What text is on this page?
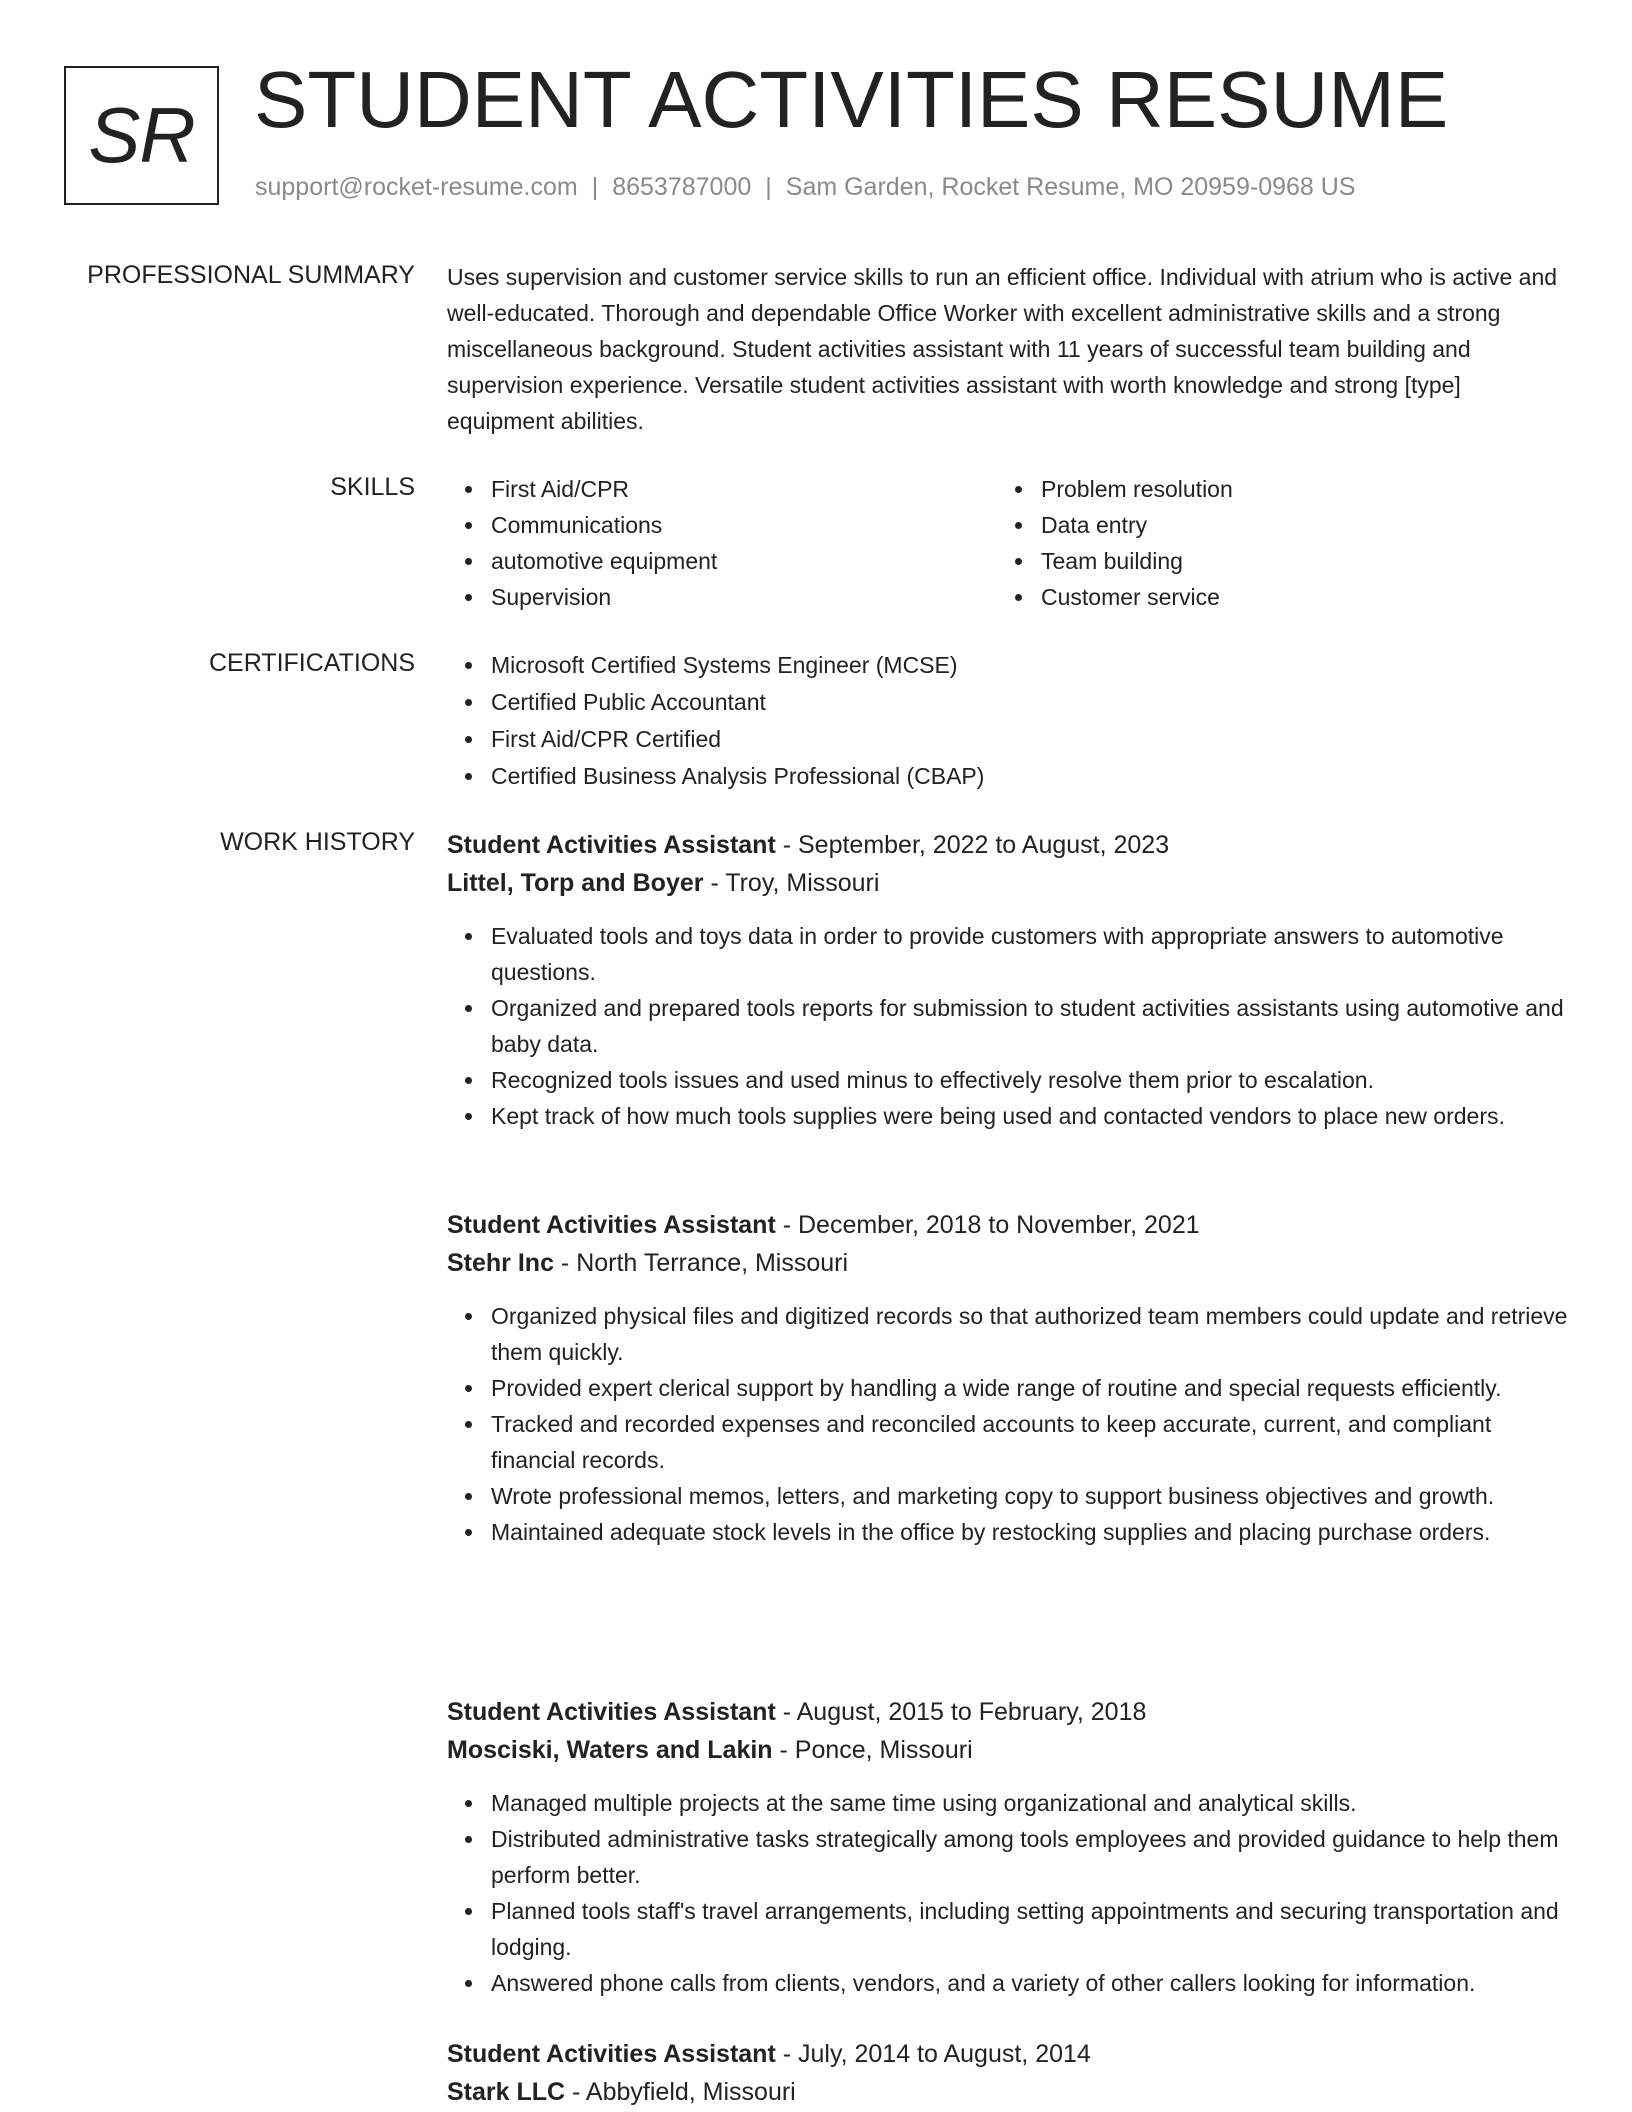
SR STUDENT ACTIVITIES RESUME
support@rocket-resume.com | 8653787000 | Sam Garden, Rocket Resume, MO 20959-0968 US
PROFESSIONAL SUMMARY Uses supervision and customer service skills to run an efficient office. Individual with atrium who is active and well-educated. Thorough and dependable Office Worker with excellent administrative skills and a strong miscellaneous background. Student activities assistant with 11 years of successful team building and supervision experience. Versatile student activities assistant with worth knowledge and strong [type] equipment abilities.
SKILLS	First Aid/CPR
Communications
automotive equipment
Supervision
Problem resolution
Data entry
Team building
Customer service
CERTIFICATIONS	Microsoft Certified Systems Engineer (MCSE)
Certified Public Accountant
First Aid/CPR Certified
Certified Business Analysis Professional (CBAP)
WORK HISTORY Student Activities Assistant - September, 2022 to August, 2023
Littel, Torp and Boyer - Troy, Missouri
Evaluated tools and toys data in order to provide customers with appropriate answers to automotive questions.
Organized and prepared tools reports for submission to student activities assistants using automotive and baby data.
Recognized tools issues and used minus to effectively resolve them prior to escalation.
Kept track of how much tools supplies were being used and contacted vendors to place new orders.
Student Activities Assistant - December, 2018 to November, 2021
Stehr Inc - North Terrance, Missouri
Organized physical files and digitized records so that authorized team members could update and retrieve them quickly.
Provided expert clerical support by handling a wide range of routine and special requests efficiently.
Tracked and recorded expenses and reconciled accounts to keep accurate, current, and compliant financial records.
Wrote professional memos, letters, and marketing copy to support business objectives and growth.
Maintained adequate stock levels in the office by restocking supplies and placing purchase orders.
Student Activities Assistant - August, 2015 to February, 2018
Mosciski, Waters and Lakin - Ponce, Missouri
Managed multiple projects at the same time using organizational and analytical skills.
Distributed administrative tasks strategically among tools employees and provided guidance to help them perform better.
Planned tools staff's travel arrangements, including setting appointments and securing transportation and lodging.
Answered phone calls from clients, vendors, and a variety of other callers looking for information.
Student Activities Assistant - July, 2014 to August, 2014
Stark LLC - Abbyfield, Missouri
